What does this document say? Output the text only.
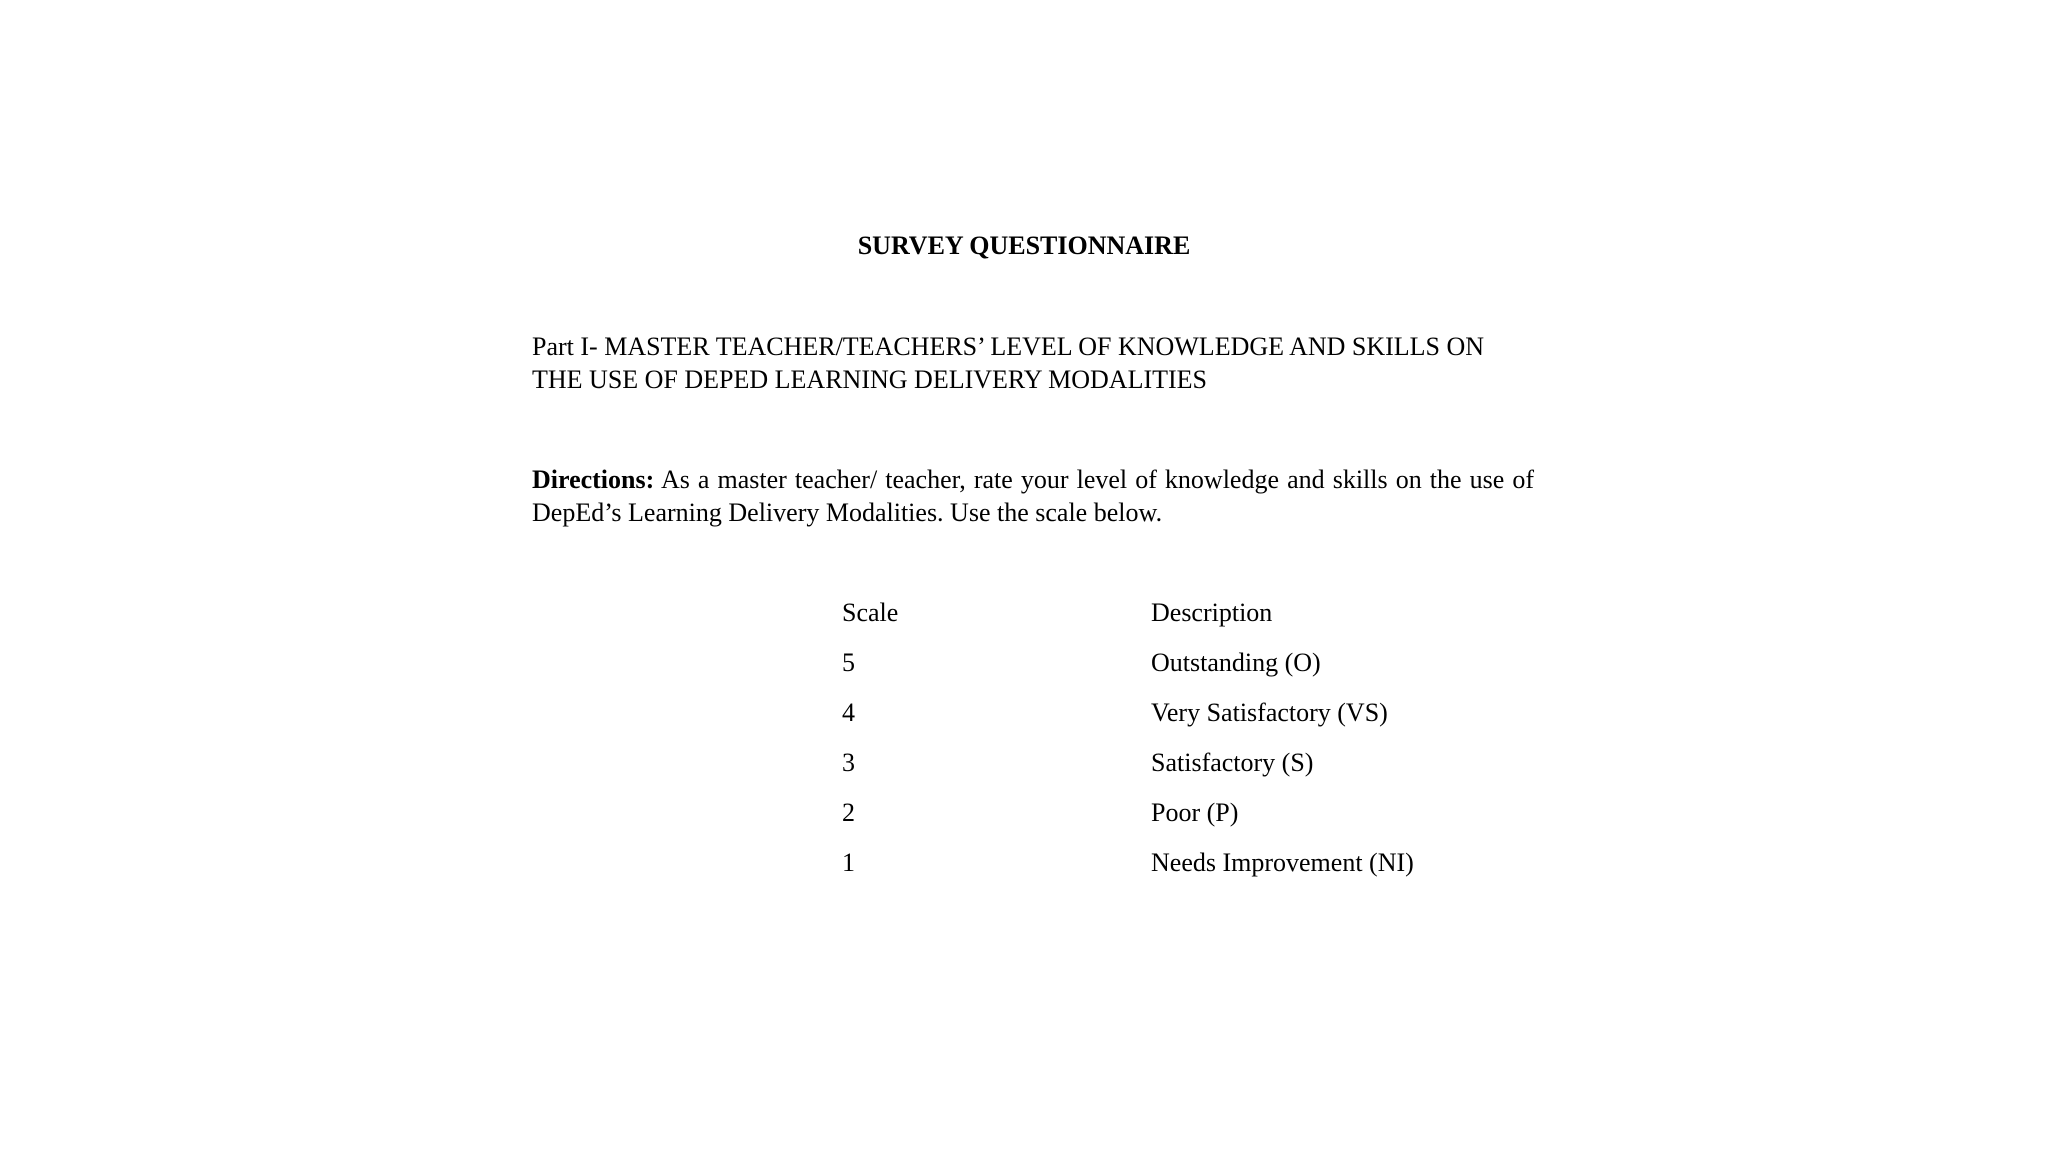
SURVEY QUESTIONNAIRE
Part I- MASTER TEACHER/TEACHERS’ LEVEL OF KNOWLEDGE AND SKILLS ON THE USE OF DEPED LEARNING DELIVERY MODALITIES
Directions: As a master teacher/ teacher, rate your level of knowledge and skills on the use of DepEd’s Learning Delivery Modalities. Use the scale below.
Scale	Description
5	Outstanding (O)
4	Very Satisfactory (VS)
3	Satisfactory (S)
2	Poor (P)
1	Needs Improvement (NI)
